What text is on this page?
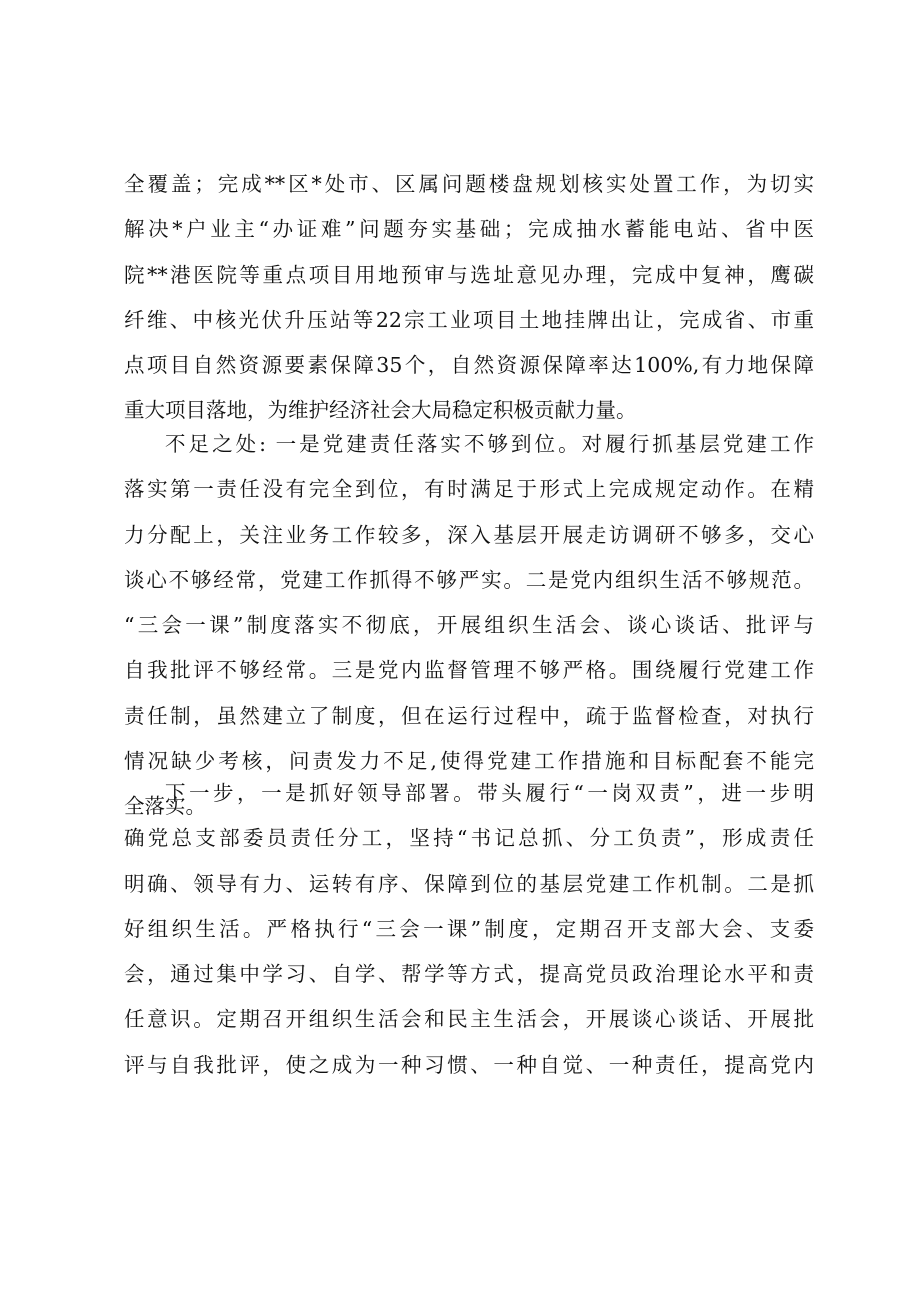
全覆盖；完成**区*处市、区属问题楼盘规划核实处置工作，为切实
解决*户业主“办证难”问题夯实基础；完成抽水蓄能电站、省中医
院**港医院等重点项目用地预审与选址意见办理，完成中复神，鹰碳
纤维、中核光伏升压站等22宗工业项目土地挂牌出让，完成省、市重
点项目自然资源要素保障35个，自然资源保障率达100%,有力地保障
重大项目落地，为维护经济社会大局稳定积极贡献力量。
不足之处: 一是党建责任落实不够到位。对履行抓基层党建工作
落实第一责任没有完全到位，有时满足于形式上完成规定动作。在精
力分配上，关注业务工作较多，深入基层开展走访调研不够多，交心
谈心不够经常，党建工作抓得不够严实。二是党内组织生活不够规范。
“三会一课”制度落实不彻底，开展组织生活会、谈心谈话、批评与
自我批评不够经常。三是党内监督管理不够严格。围绕履行党建工作
责任制，虽然建立了制度，但在运行过程中，疏于监督检查，对执行
情况缺少考核，问责发力不足,使得党建工作措施和目标配套不能完
全落实。
下一步，一是抓好领导部署。带头履行“一岗双责”，进一步明
确党总支部委员责任分工，坚持“书记总抓、分工负责”，形成责任
明确、领导有力、运转有序、保障到位的基层党建工作机制。二是抓
好组织生活。严格执行“三会一课”制度，定期召开支部大会、支委
会，通过集中学习、自学、帮学等方式，提高党员政治理论水平和责
任意识。定期召开组织生活会和民主生活会，开展谈心谈话、开展批
评与自我批评，使之成为一种习惯、一种自觉、一种责任，提高党内
